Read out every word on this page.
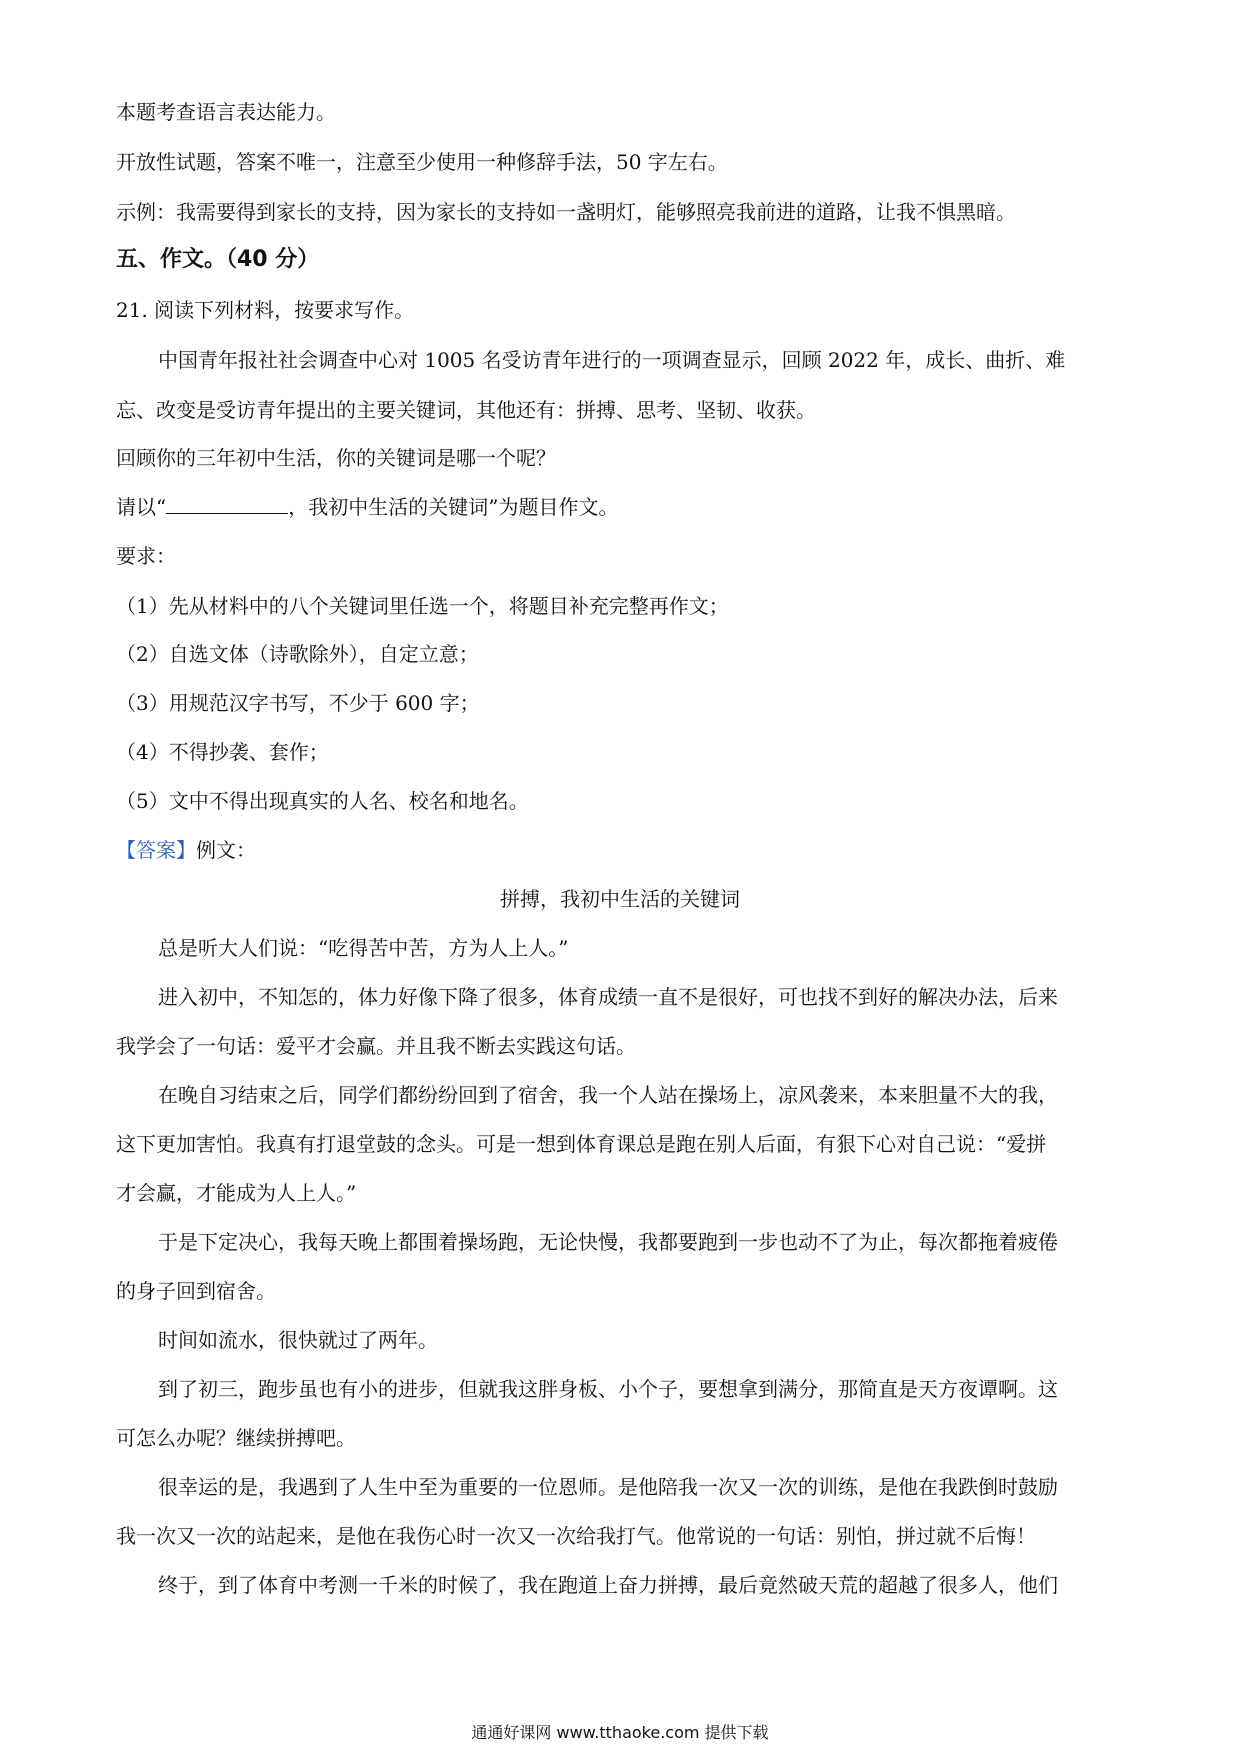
本题考查语言表达能力。
开放性试题，答案不唯一，注意至少使用一种修辞手法，50 字左右。
示例：我需要得到家长的支持，因为家长的支持如一盏明灯，能够照亮我前进的道路，让我不惧黑暗。
五、作文。（40 分）
21. 阅读下列材料，按要求写作。
中国青年报社社会调查中心对 1005 名受访青年进行的一项调查显示，回顾 2022 年，成长、曲折、难
忘、改变是受访青年提出的主要关键词，其他还有：拼搏、思考、坚韧、收获。
回顾你的三年初中生活，你的关键词是哪一个呢？
请以“	，我初中生活的关键词”为题目作文。
要求：
（1）先从材料中的八个关键词里任选一个，将题目补充完整再作文；
（2）自选文体（诗歌除外），自定立意；
（3）用规范汉字书写，不少于 600 字；
（4）不得抄袭、套作；
（5）文中不得出现真实的人名、校名和地名。
【答案】例文：
拼搏，我初中生活的关键词
总是听大人们说：“吃得苦中苦，方为人上人。”
进入初中，不知怎的，体力好像下降了很多，体育成绩一直不是很好，可也找不到好的解决办法，后来
我学会了一句话：爱平才会赢。并且我不断去实践这句话。
在晚自习结束之后，同学们都纷纷回到了宿舍，我一个人站在操场上，凉风袭来，本来胆量不大的我，
这下更加害怕。我真有打退堂鼓的念头。可是一想到体育课总是跑在别人后面，有狠下心对自己说：“爱拼
才会赢，才能成为人上人。”
于是下定决心，我每天晚上都围着操场跑，无论快慢，我都要跑到一步也动不了为止，每次都拖着疲倦
的身子回到宿舍。
时间如流水，很快就过了两年。
到了初三，跑步虽也有小的进步，但就我这胖身板、小个子，要想拿到满分，那简直是天方夜谭啊。这
可怎么办呢？继续拼搏吧。
很幸运的是，我遇到了人生中至为重要的一位恩师。是他陪我一次又一次的训练，是他在我跌倒时鼓励
我一次又一次的站起来，是他在我伤心时一次又一次给我打气。他常说的一句话：别怕，拼过就不后悔！
终于，到了体育中考测一千米的时候了，我在跑道上奋力拼搏，最后竟然破天荒的超越了很多人，他们
通通好课网 www.tthaoke.com 提供下载
